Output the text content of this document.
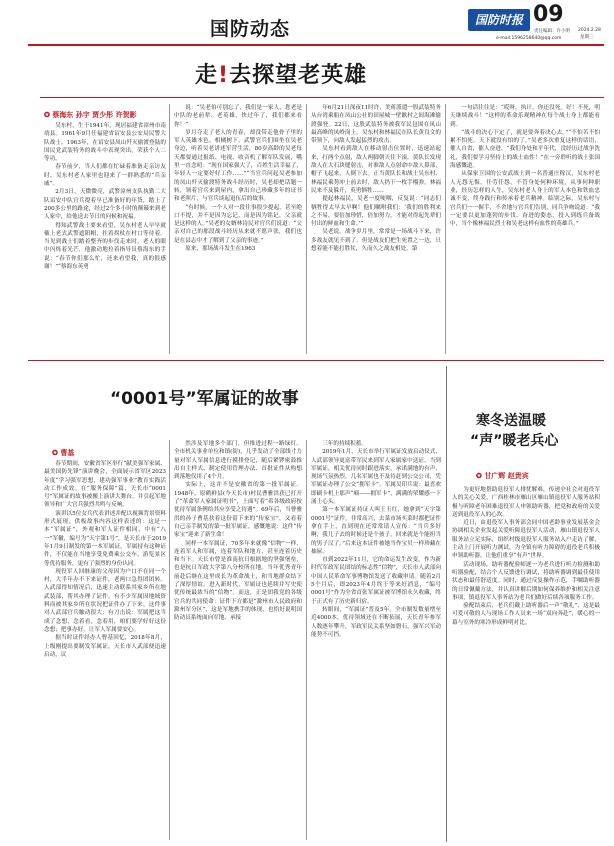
国防动态	国防时报 09
责任编辑：许小明 2024.2.28
星期三
e-mail:1596258640@qq.com
走!去探望老英雄
✪ 蔡海东 孙宇 贾少彤 许贺影

吴东村，生于1941年，现居福建省漳州市南靖县。1961年9月任福建省诏安县公安局民警大队战士。1963年，在诏安县凤山歼灭偷渡登陆的国民党武装特务的战斗中表现突出，荣获个人二等功。

春节前夕，当人们都在忙碌着准备走亲访友时，吴东村老人家里也迎来了一群熟悉的“兵亲戚”。

2月3日，天微微亮，武警漳州支队执勤二大队诏安中队官兵提着早已准备好的年货，踏上了200多公里的路途，经过2个多小时的颠簸来到老人家中，给他送去节日的问候和祝福。

得知武警战士要来看望，吴东村老人早早就戴上老式武警遮阳帽，拄着拐杖在村口等待着。当见到战士们踏着整齐的步伐走来时，老人的眼中闪烁着光芒，他激动地拉着指导员蔡海东的手说：“春节你们那么忙，还来看望我，真的很感谢！”“蔡海东英勇

说：“吴老伯可别忘了，我们是一家人，您老是中队的老前辈、老英雄，快过年了，我们都来看你！”

岁月夺走了老人的青春，却没带走他骨子里的军人英雄本色。相橘树下，武警官兵们围坐在吴老身边，听着吴老讲述军营生活，80岁高龄的吴老每天都要通过报纸、电视、收音机了解军队发展，嘴里一直念叨：“现在国家强大了，百姓生活幸福了，年轻人一定要好好工作……”“当官兵问起吴老参加的凤山歼灭偷渡特务战斗经历时，吴老却把话题一转，领着官兵来到屋内，拿出自己珍藏多年的证书和老照片，与官兵谈起退伍后的故事。

“有时候，一个人对一段往事很少提起，甚至绝口不提，并不是因为忘记，而是因为铭记。父亲就是这样的人。”吴老的女婿林诗民对官兵们说道：“父亲对自己的那段战斗经历从来就不愿声张，我们也是在县志中才了解到了父亲的事迹。”

原来，那场战斗发生在1963

年6月21日深夜11时许，美蒋派遣一股武装特务从台湾乘船在凤山公社的田屋城一壁歉村之间海滩偷渡强登。22日，这股武装特务被我军民包围在凤山最高峰的凤岭岗上。吴东村和林福民在队长黄良文的带领下，向敌人发起猛烈的攻击。

吴东村看到敌人在移动射击位置时，迅速站起来，打两个点射，敌人两脚朝天往下滚。黄队长发现敌人在大石块缝射击，对准敌人点射命中敌人鼻部，帽子飞起来，人倒下去。正当黄队长和战士吴东村、林福民乘势冲上前去时，敌人扔下一枚手榴弹，林福民来不及躲开，英勇牺牲……

提起林福民，吴老一度哽咽，反复说：“同志们牺牲得太早太早啊！他们嘱咐我们：‘我们的胜利来之不易，要倍加珍惜，倍加努力，才能对得起先辈们付出的鲜血和生命。’”

吴老说，战争岁月里，常常是一场战斗下来，许多战友就见不到了。但是战友们把生死置之一边，只想着能不能打胜仗，久而久之战友相处，第

一句话往往是：“哎呀，执计，你还没死。好！不死，明天继续战斗！”这样的革命乐观精神在每个战士身上都能看到。

“战斗的决心下定了，就是要奔着决心去。”“不怕苦不怕累不怕死，天下就没有怕的了。”吴老多次重复这样的话语，催人自省，催人奋进。“我们身处和平年代，没经历过战争洗礼，我们要学习坚持上的战士血性！”在一旁聆听的战士张国海感慨道。

从保家卫国的公安武战士到一名普通庄稼汉，吴东村老人无怨无悔，任劳任怨，不管身处何种环境，从事何种职业，经历怎样的人生，吴东村老人身上的军人本色和铁血忠诚不变，终身践行和传承着老兵精神。临别之际，吴东村与官兵们一一握手，不舍地与官兵们告别，同兵争吻说道：“我一定要以更加蓬勃的步伐、奋进的姿态，投入到练兵备战中，当个像林福民烈士和吴老这样有血性的英雄兵。”

“0001号”军属证的故事
✪ 曹基

春节期间，安徽省军区举行“献美强军家属、最美国防先锋”演讲晚会，全面展示省军区2023年度“学习强军思想，建功强军事业”教育实践活动工作成效。在“服务保障”篇，天长市“0001号”军属证的故事被搬上演讲大舞台，并引起军地领导和广大官兵强烈共鸣与反响。

演讲以5位女兵代表讲述并配以视频背景资料形式展现，供板故事内容这样表述的：这是一本“军属证”，外观和军人证件相同，中有“八一”军徽，编号为“天字第1号”，是天长市于2019年1月9日制发的第一本军属证。军属持有这种证件，不仅能在当地享受免费乘公交车、游览景区等优待服务，更有了强烈的身份认同。

现役军人回继康的父母因为户口不在同一个村，大半年办不下来证件，老两口急得团团转。人武部得知情况后，迅速主动联系其家乡所在地武装部，帮其办理了证件。有不少军属因地域资料而被其家乡所在状况把证件办了下来。这件事对人武部官兵触动很大：有刀击说：军属把这当成了念想，念着看，念着用，咱们要学好好这份念想；把事办好，让军人军属要安心。

据当时证件经办人曹基回忆，2018年8月，上级刚提出要制发军属证，天长市人武部便迅速启动，议

然涉及军地多个部门，但推进过程一路绿灯。全市机关事业单位和镇(街)，几乎发动了全部线寸力量对军人军属信息进行摸排登记，随后紧锣密鼓推出自主样式、制定使用管理办法、首批证件从构想到落地仅用了4个月。

实际上，这并不是安徽省的第一批军属证。1948年，原鹤鲜县(今天长市)村民曹雅洪获已打开了“革命军人家属证明书”，上面写着“希各级政府按优待军属条例给其应享受之待遇”。69年后，当曹雅洪的孙子曹基扶着这份留下来的“传家宝”，又看着自己亲手制发的第一批军属证，感慨地说：这件“传家宝”迎来了新生命！

同样一本军属证，70多年来就像“信物”一样，连着军人和军属，连着军队和地方，甚至连着历史和当下。天长市曾是淮南抗日根据地的坚强堡垒，也是抗日军政大学第八分校所在地。当年优秀青年前赴后继在这里成长为革命战士，和当地群众结下了深厚情谊。进入新时代，军属证也延续并写史使优传统最浓当的“信物”。而这，正是团我党的各级官兵的共同使命：证件下方都是“滁州市人民政府和滁州军分区”，这是军地携手的体现，也恰好说明国防动员系统面向军地、承接

三年的持续积蓄。

2019年1月，天长市举行军属证发放启动仪式，人武部领导更富带军民来到军人家属家中送证。当到军属证，相关优待同时跟进落实，承诺满地的有声，现场气氛热烈。几名军属也不及待赶到公交公司，凭军属证办理了公交“拥军卡”。军属吴印兵说：最喜欢即刷卡机上那声“嘀——拥军卡”，满满的荣耀感一下涌上心头。

第一本军属证持证人叫王玉红，她拿到“天字第0001号”证件，非常高兴，去菜市场买菜时都把证件拿在手上，直到现在还常常请人宣传：“当兵多好啊，我儿子去的时候还是个孩子，回来就是个能担当的男子汉了。”后来这本证件被她当作宝贝一样珍藏在抽屉。

直到2022年11月，它的命运发生改变。作为新时代军政军民团结的标志性“信物”，天长市人武部向中国人民革命军事博物馆发送了收藏申请。随着2月5个月后，即2023年4月终于等来好消息，“编号0001号”作为全省首张军属证被军博馆永久收藏，终于正式有了历史新归宿。

转眼间，“军属证”普及5年。全市制发数量增至近4000本，优待领域还在不断拓展，天长青年参军人数逐年攀升，军政军民关系坚如磐石，强军兴军动能势不可挡。

寒冬送温暖
“声”暖老兵心
✪ 甘广辉 赵贵宾

为更好地帮助退役军人排忧解难，传递全社会对退役军人的关心关爱，广西桂林市雁山区雁山镇退役军人服务站积极与听障老年困难退役军人申领助听器，把党和政府的关爱送到退役军人的心坎。

近日，由退役军人事务部会同中国老龄事业发展基金会协调相关企业发起关爱听障退役军人活动，雁山镇退役军人服务站立足实际，组织村级退役军人服务站入户走访了解，主动上门开展听力测试，为全镇有听力障碍的退役老兵积极申领助听器，让他们重享“有声”世界。

活动现场，助听器配验师逐一为老兵进行听力检测和助听器验配，结合个人反馈进行调试，将助听器调到最佳使用状态和最佳舒适度。同时，通过反复操作示范，手嘱助听器的日常佩戴方法，并认真讲解后期如何保养维护和相关注意事项，镇退役军人事务站为老兵们做好后续各项服务工作。

验配结束后，老兵们戴上助听器后一声“敬礼”，这是最可爱可敬的人与现场工作人员来一场“双向奔赴”，暖心的一幕与室外的寒冷形成鲜明对比。
